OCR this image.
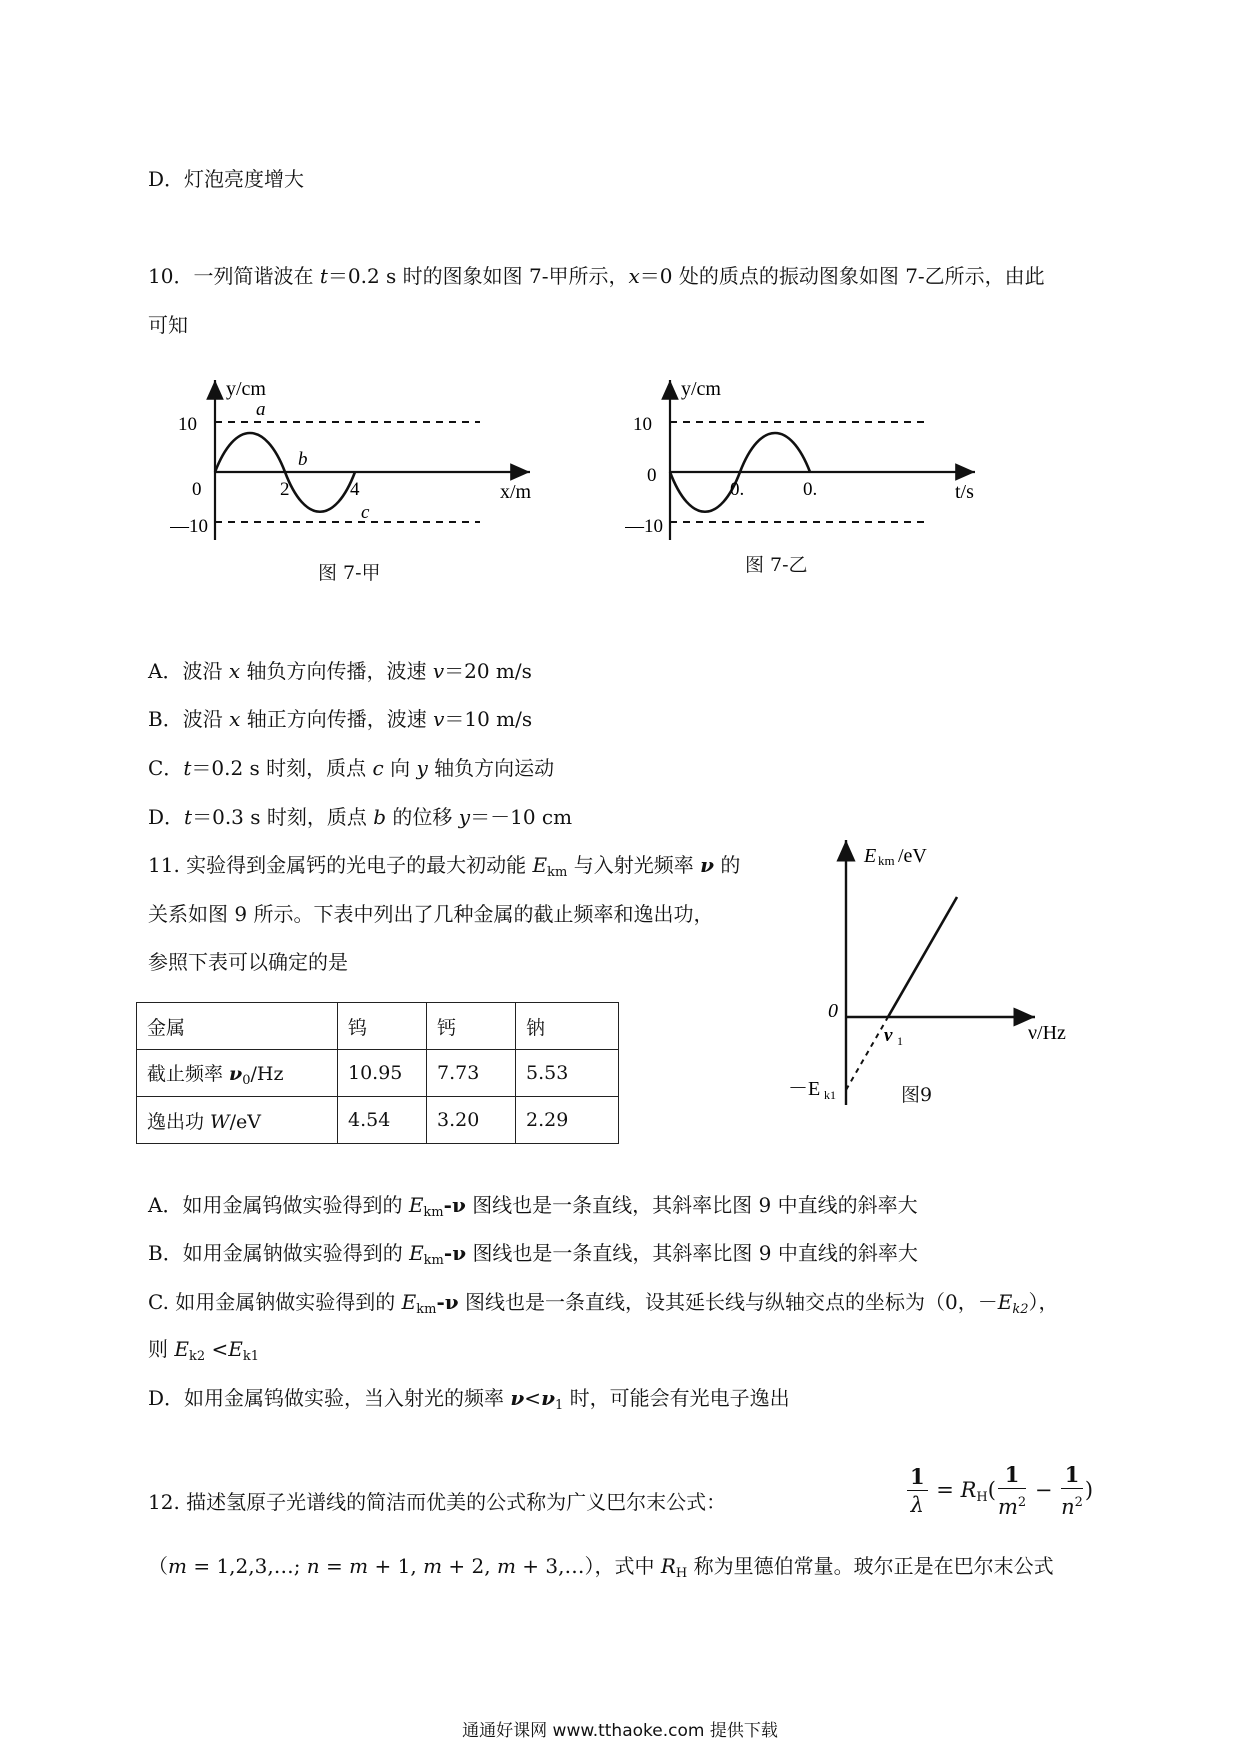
D．灯泡亮度增大
10．一列简谐波在 t＝0.2 s 时的图象如图 7-甲所示，x＝0 处的质点的振动图象如图 7-乙所示，由此
可知
y/cm
10
0
—10
2	4	x/m
a
b
c
图 7-甲
y/cm
10
0
—10
0.	0.	t/s
图 7-乙
A．波沿 x 轴负方向传播，波速 v＝20 m/s
B．波沿 x 轴正方向传播，波速 v＝10 m/s
C．t＝0.2 s 时刻，质点 c 向 y 轴负方向运动
D．t＝0.3 s 时刻，质点 b 的位移 y＝－10 cm
11. 实验得到金属钙的光电子的最大初动能 $E_{km}$ 与入射光频率 ν 的
关系如图 9 所示。下表中列出了几种金属的截止频率和逸出功，
参照下表可以确定的是
E km /eV
0
ν/Hz
ν 1
－E k1	图9
金属	钨	钙	钠
截止频率 $\nu_0/Hz$	10.95	7.73	5.53
逸出功 W/eV	4.54	3.20	2.29
A．如用金属钨做实验得到的 $E_{km}-\nu$ 图线也是一条直线，其斜率比图 9 中直线的斜率大
B．如用金属钠做实验得到的 $E_{km}-\nu$ 图线也是一条直线，其斜率比图 9 中直线的斜率大
C. 如用金属钠做实验得到的 $E_{km}-\nu$ 图线也是一条直线，设其延长线与纵轴交点的坐标为（0，$-E_{k2}$），
则 $E_{k2} <E_{k1}$
D．如用金属钨做实验，当入射光的频率 $\nu<\nu_1$ 时，可能会有光电子逸出
12. 描述氢原子光谱线的简洁而优美的公式称为广义巴尔末公式：	$\frac{1}{\lambda} = R_H( \frac{1}{m^2} - \frac{1}{n^2}$ )
（m = 1,2,3,…; n = m + 1, m + 2, m + 3,…），式中 $R_H$ 称为里德伯常量。玻尔正是在巴尔末公式
通通好课网 www.tthaoke.com 提供下载
